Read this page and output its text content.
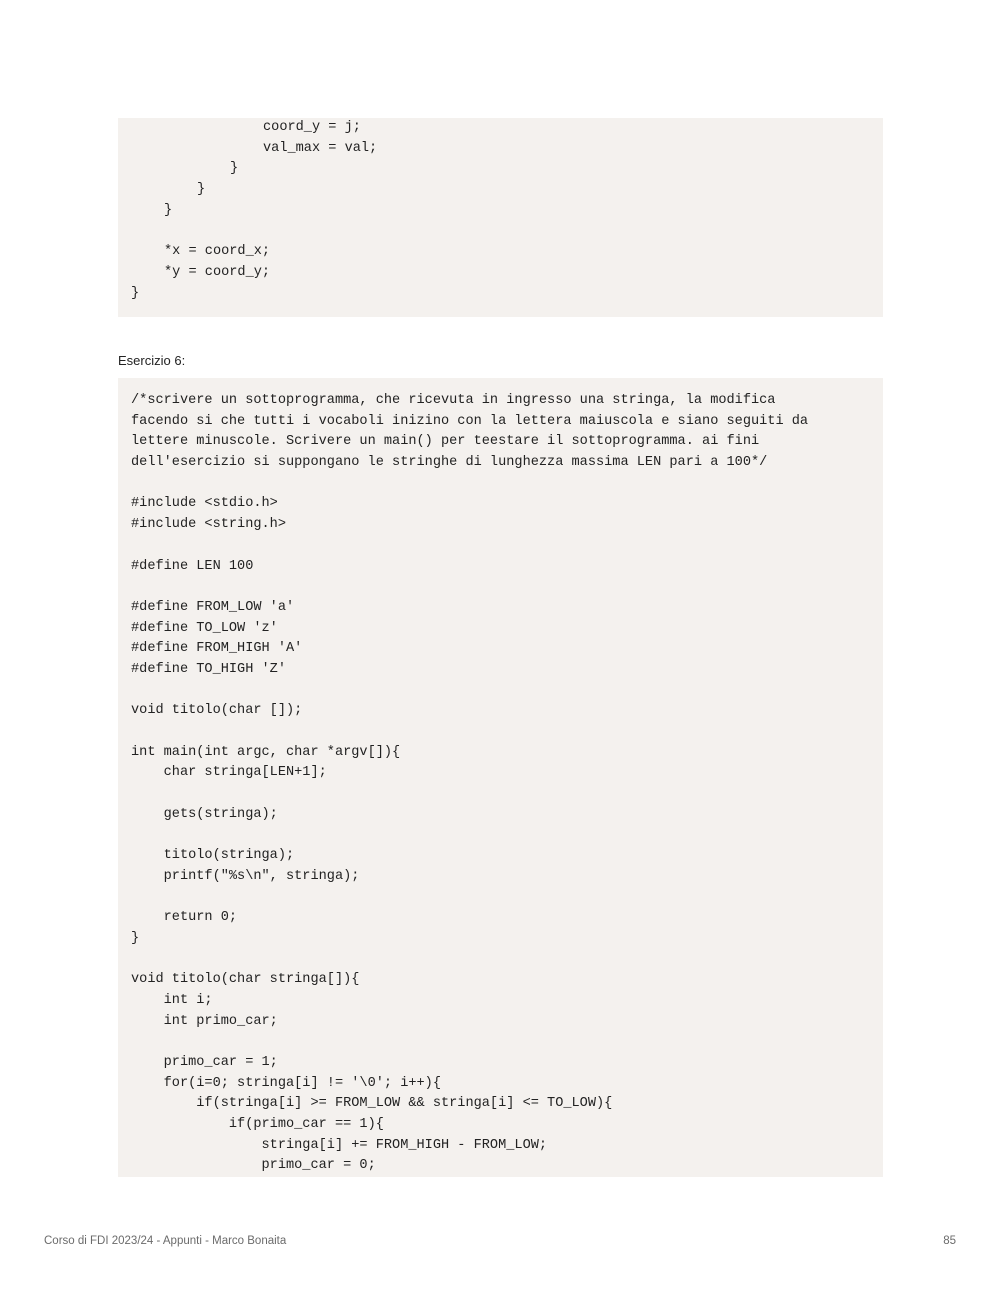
coord_y = j;
val_max = val;
}
}
}
*x = coord_x;
*y = coord_y;
}
Esercizio 6:
/*scrivere un sottoprogramma, che ricevuta in ingresso una stringa, la modifica
facendo si che tutti i vocaboli inizino con la lettera maiuscola e siano seguiti da
lettere minuscole. Scrivere un main() per teestare il sottoprogramma. ai fini
dell'esercizio si suppongano le stringhe di lunghezza massima LEN pari a 100*/
#include <stdio.h>
#include <string.h>
#define LEN 100
#define FROM_LOW 'a'
#define TO_LOW 'z'
#define FROM_HIGH 'A'
#define TO_HIGH 'Z'
void titolo(char []);
int main(int argc, char *argv[]){
char stringa[LEN+1];
gets(stringa);
titolo(stringa);
printf("%s\n", stringa);
return 0;
}
void titolo(char stringa[]){
int i;
int primo_car;
primo_car = 1;
for(i=0; stringa[i] != '\0'; i++){
if(stringa[i] >= FROM_LOW && stringa[i] <= TO_LOW){
if(primo_car == 1){
stringa[i] += FROM_HIGH - FROM_LOW;
primo_car = 0;
Corso di FDI 2023/24 - Appunti - Marco Bonaita	85
